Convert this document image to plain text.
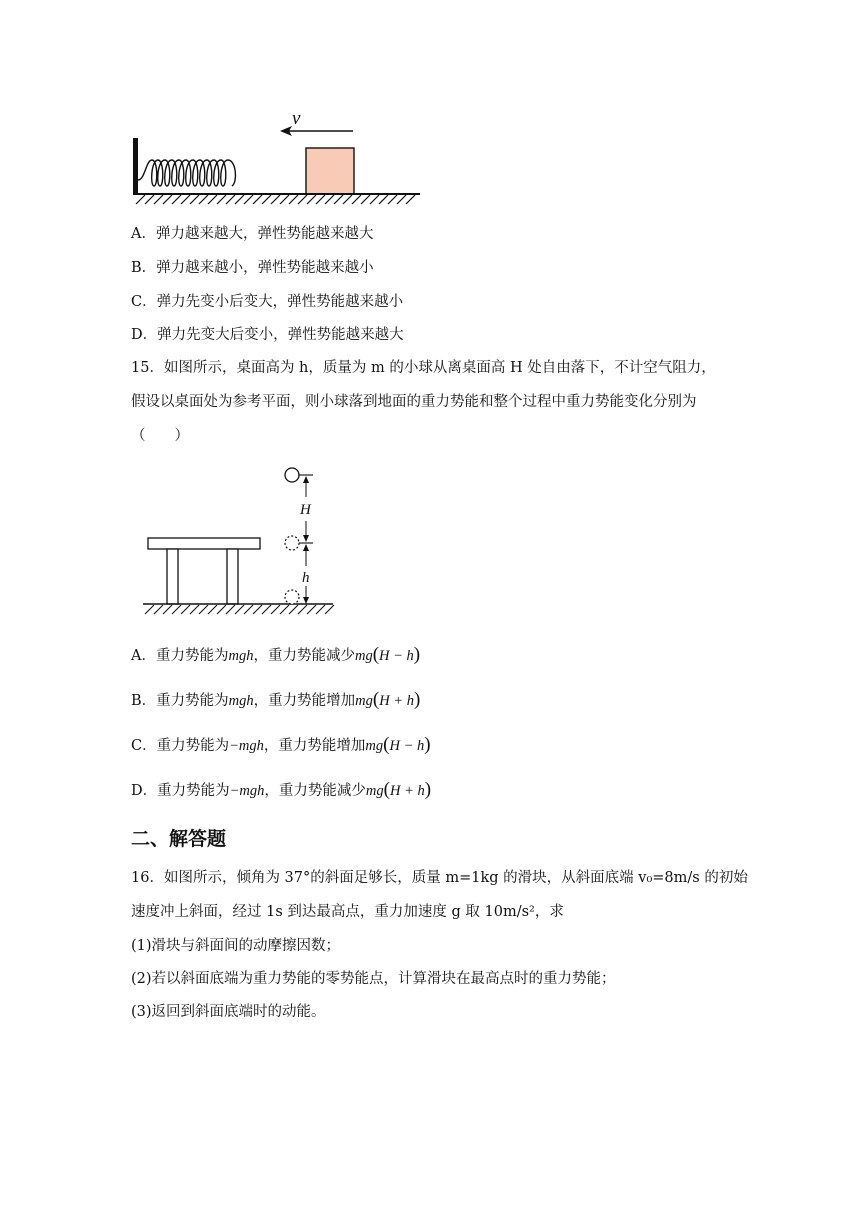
v
A．弹力越来越大，弹性势能越来越大
B．弹力越来越小，弹性势能越来越小
C．弹力先变小后变大，弹性势能越来越小
D．弹力先变大后变小，弹性势能越来越大
15．如图所示，桌面高为 h，质量为 m 的小球从离桌面高 H 处自由落下，不计空气阻力，
假设以桌面处为参考平面，则小球落到地面的重力势能和整个过程中重力势能变化分别为
（　　）
H
h
A．重力势能为mgh，重力势能减少mg(H − h)
B．重力势能为mgh，重力势能增加mg(H + h)
C．重力势能为−mgh，重力势能增加mg(H − h)
D．重力势能为−mgh，重力势能减少mg(H + h)
二、解答题
16．如图所示，倾角为 37°的斜面足够长，质量 m=1kg 的滑块，从斜面底端 v₀=8m/s 的初始
速度冲上斜面，经过 1s 到达最高点，重力加速度 g 取 10m/s²，求
(1)滑块与斜面间的动摩擦因数；
(2)若以斜面底端为重力势能的零势能点，计算滑块在最高点时的重力势能；
(3)返回到斜面底端时的动能。
